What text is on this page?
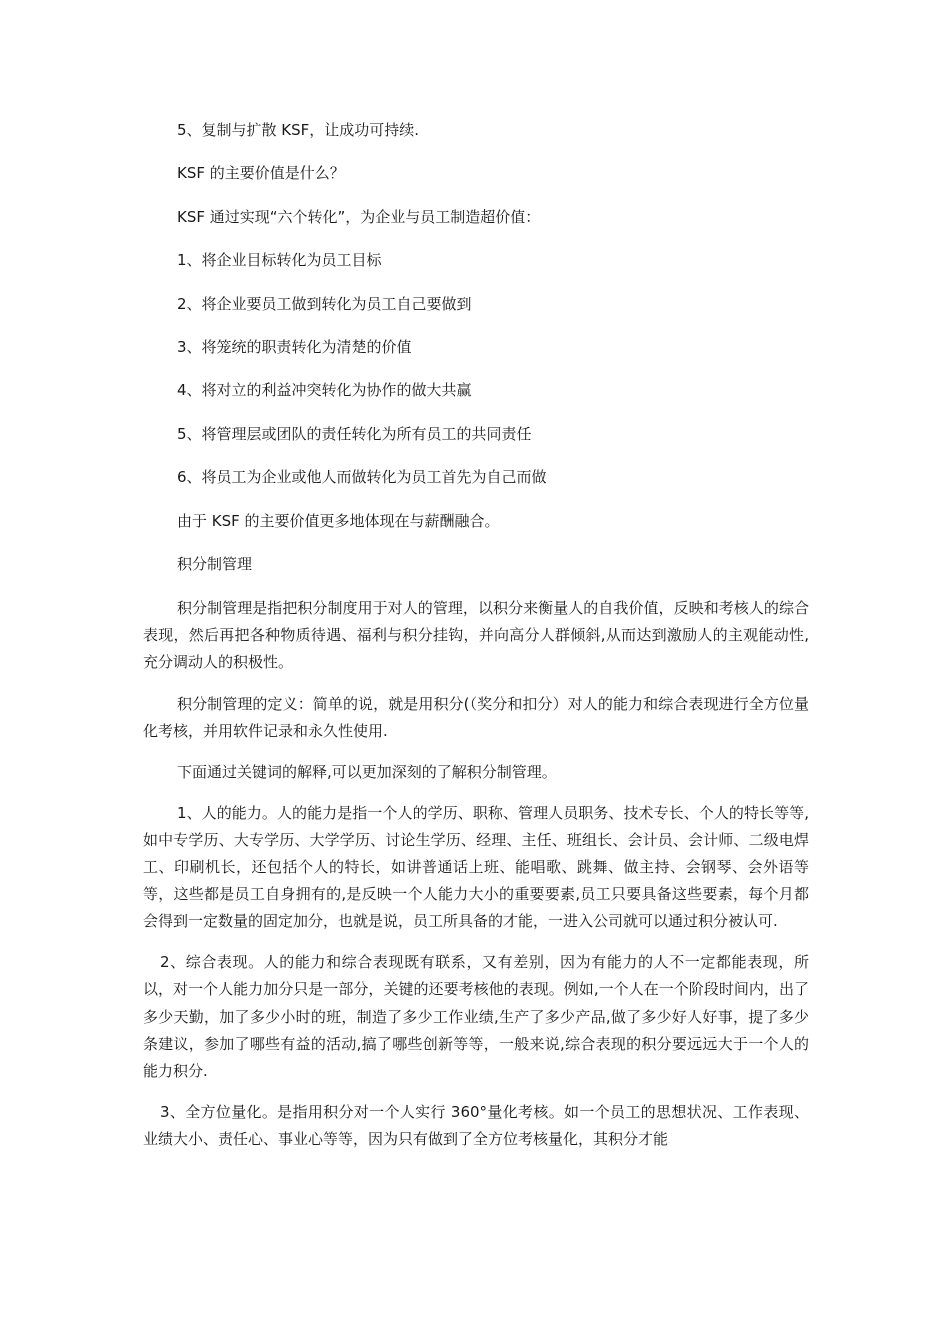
5、复制与扩散 KSF，让成功可持续.

KSF 的主要价值是什么？

KSF 通过实现“六个转化”，为企业与员工制造超价值：

1、将企业目标转化为员工目标

2、将企业要员工做到转化为员工自己要做到

3、将笼统的职责转化为清楚的价值

4、将对立的利益冲突转化为协作的做大共赢

5、将管理层或团队的责任转化为所有员工的共同责任

6、将员工为企业或他人而做转化为员工首先为自己而做

由于 KSF 的主要价值更多地体现在与薪酬融合。

积分制管理

积分制管理是指把积分制度用于对人的管理，以积分来衡量人的自我价值，反映和考核人的综合表现，然后再把各种物质待遇、福利与积分挂钩，并向高分人群倾斜,从而达到激励人的主观能动性,充分调动人的积极性。

积分制管理的定义：简单的说，就是用积分(（奖分和扣分）对人的能力和综合表现进行全方位量化考核，并用软件记录和永久性使用.

下面通过关键词的解释,可以更加深刻的了解积分制管理。

1、人的能力。人的能力是指一个人的学历、职称、管理人员职务、技术专长、个人的特长等等,如中专学历、大专学历、大学学历、讨论生学历、经理、主任、班组长、会计员、会计师、二级电焊工、印刷机长，还包括个人的特长，如讲普通话上班、能唱歌、跳舞、做主持、会钢琴、会外语等等，这些都是员工自身拥有的,是反映一个人能力大小的重要要素,员工只要具备这些要素，每个月都会得到一定数量的固定加分，也就是说，员工所具备的才能，一进入公司就可以通过积分被认可.

2、综合表现。人的能力和综合表现既有联系，又有差别，因为有能力的人不一定都能表现，所以，对一个人能力加分只是一部分，关键的还要考核他的表现。例如,一个人在一个阶段时间内，出了多少天勤，加了多少小时的班，制造了多少工作业绩,生产了多少产品,做了多少好人好事，提了多少条建议，参加了哪些有益的活动,搞了哪些创新等等，一般来说,综合表现的积分要远远大于一个人的能力积分.

3、全方位量化。是指用积分对一个人实行 360°量化考核。如一个员工的思想状况、工作表现、业绩大小、责任心、事业心等等，因为只有做到了全方位考核量化，其积分才能
